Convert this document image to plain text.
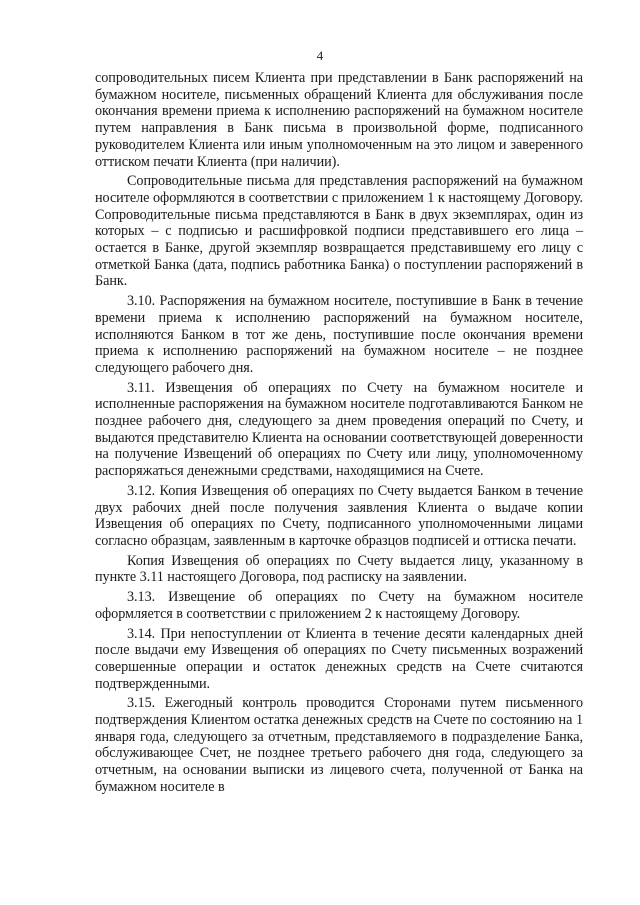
4

сопроводительных писем Клиента при представлении в Банк распоряжений на бумажном носителе, письменных обращений Клиента для обслуживания после окончания времени приема к исполнению распоряжений на бумажном носителе путем направления в Банк письма в произвольной форме, подписанного руководителем Клиента или иным уполномоченным на это лицом и заверенного оттиском печати Клиента (при наличии).

Сопроводительные письма для представления распоряжений на бумажном носителе оформляются в соответствии с приложением 1 к настоящему Договору. Сопроводительные письма представляются в Банк в двух экземплярах, один из которых – с подписью и расшифровкой подписи представившего его лица – остается в Банке, другой экземпляр возвращается представившему его лицу с отметкой Банка (дата, подпись работника Банка) о поступлении распоряжений в Банк.

3.10. Распоряжения на бумажном носителе, поступившие в Банк в течение времени приема к исполнению распоряжений на бумажном носителе, исполняются Банком в тот же день, поступившие после окончания времени приема к исполнению распоряжений на бумажном носителе – не позднее следующего рабочего дня.

3.11. Извещения об операциях по Счету на бумажном носителе и исполненные распоряжения на бумажном носителе подготавливаются Банком не позднее рабочего дня, следующего за днем проведения операций по Счету, и выдаются представителю Клиента на основании соответствующей доверенности на получение Извещений об операциях по Счету или лицу, уполномоченному распоряжаться денежными средствами, находящимися на Счете.

3.12. Копия Извещения об операциях по Счету выдается Банком в течение двух рабочих дней после получения заявления Клиента о выдаче копии Извещения об операциях по Счету, подписанного уполномоченными лицами согласно образцам, заявленным в карточке образцов подписей и оттиска печати.

Копия Извещения об операциях по Счету выдается лицу, указанному в пункте 3.11 настоящего Договора, под расписку на заявлении.

3.13. Извещение об операциях по Счету на бумажном носителе оформляется в соответствии с приложением 2 к настоящему Договору.

3.14. При непоступлении от Клиента в течение десяти календарных дней после выдачи ему Извещения об операциях по Счету письменных возражений совершенные операции и остаток денежных средств на Счете считаются подтвержденными.

3.15. Ежегодный контроль проводится Сторонами путем письменного подтверждения Клиентом остатка денежных средств на Счете по состоянию на 1 января года, следующего за отчетным, представляемого в подразделение Банка, обслуживающее Счет, не позднее третьего рабочего дня года, следующего за отчетным, на основании выписки из лицевого счета, полученной от Банка на бумажном носителе в
